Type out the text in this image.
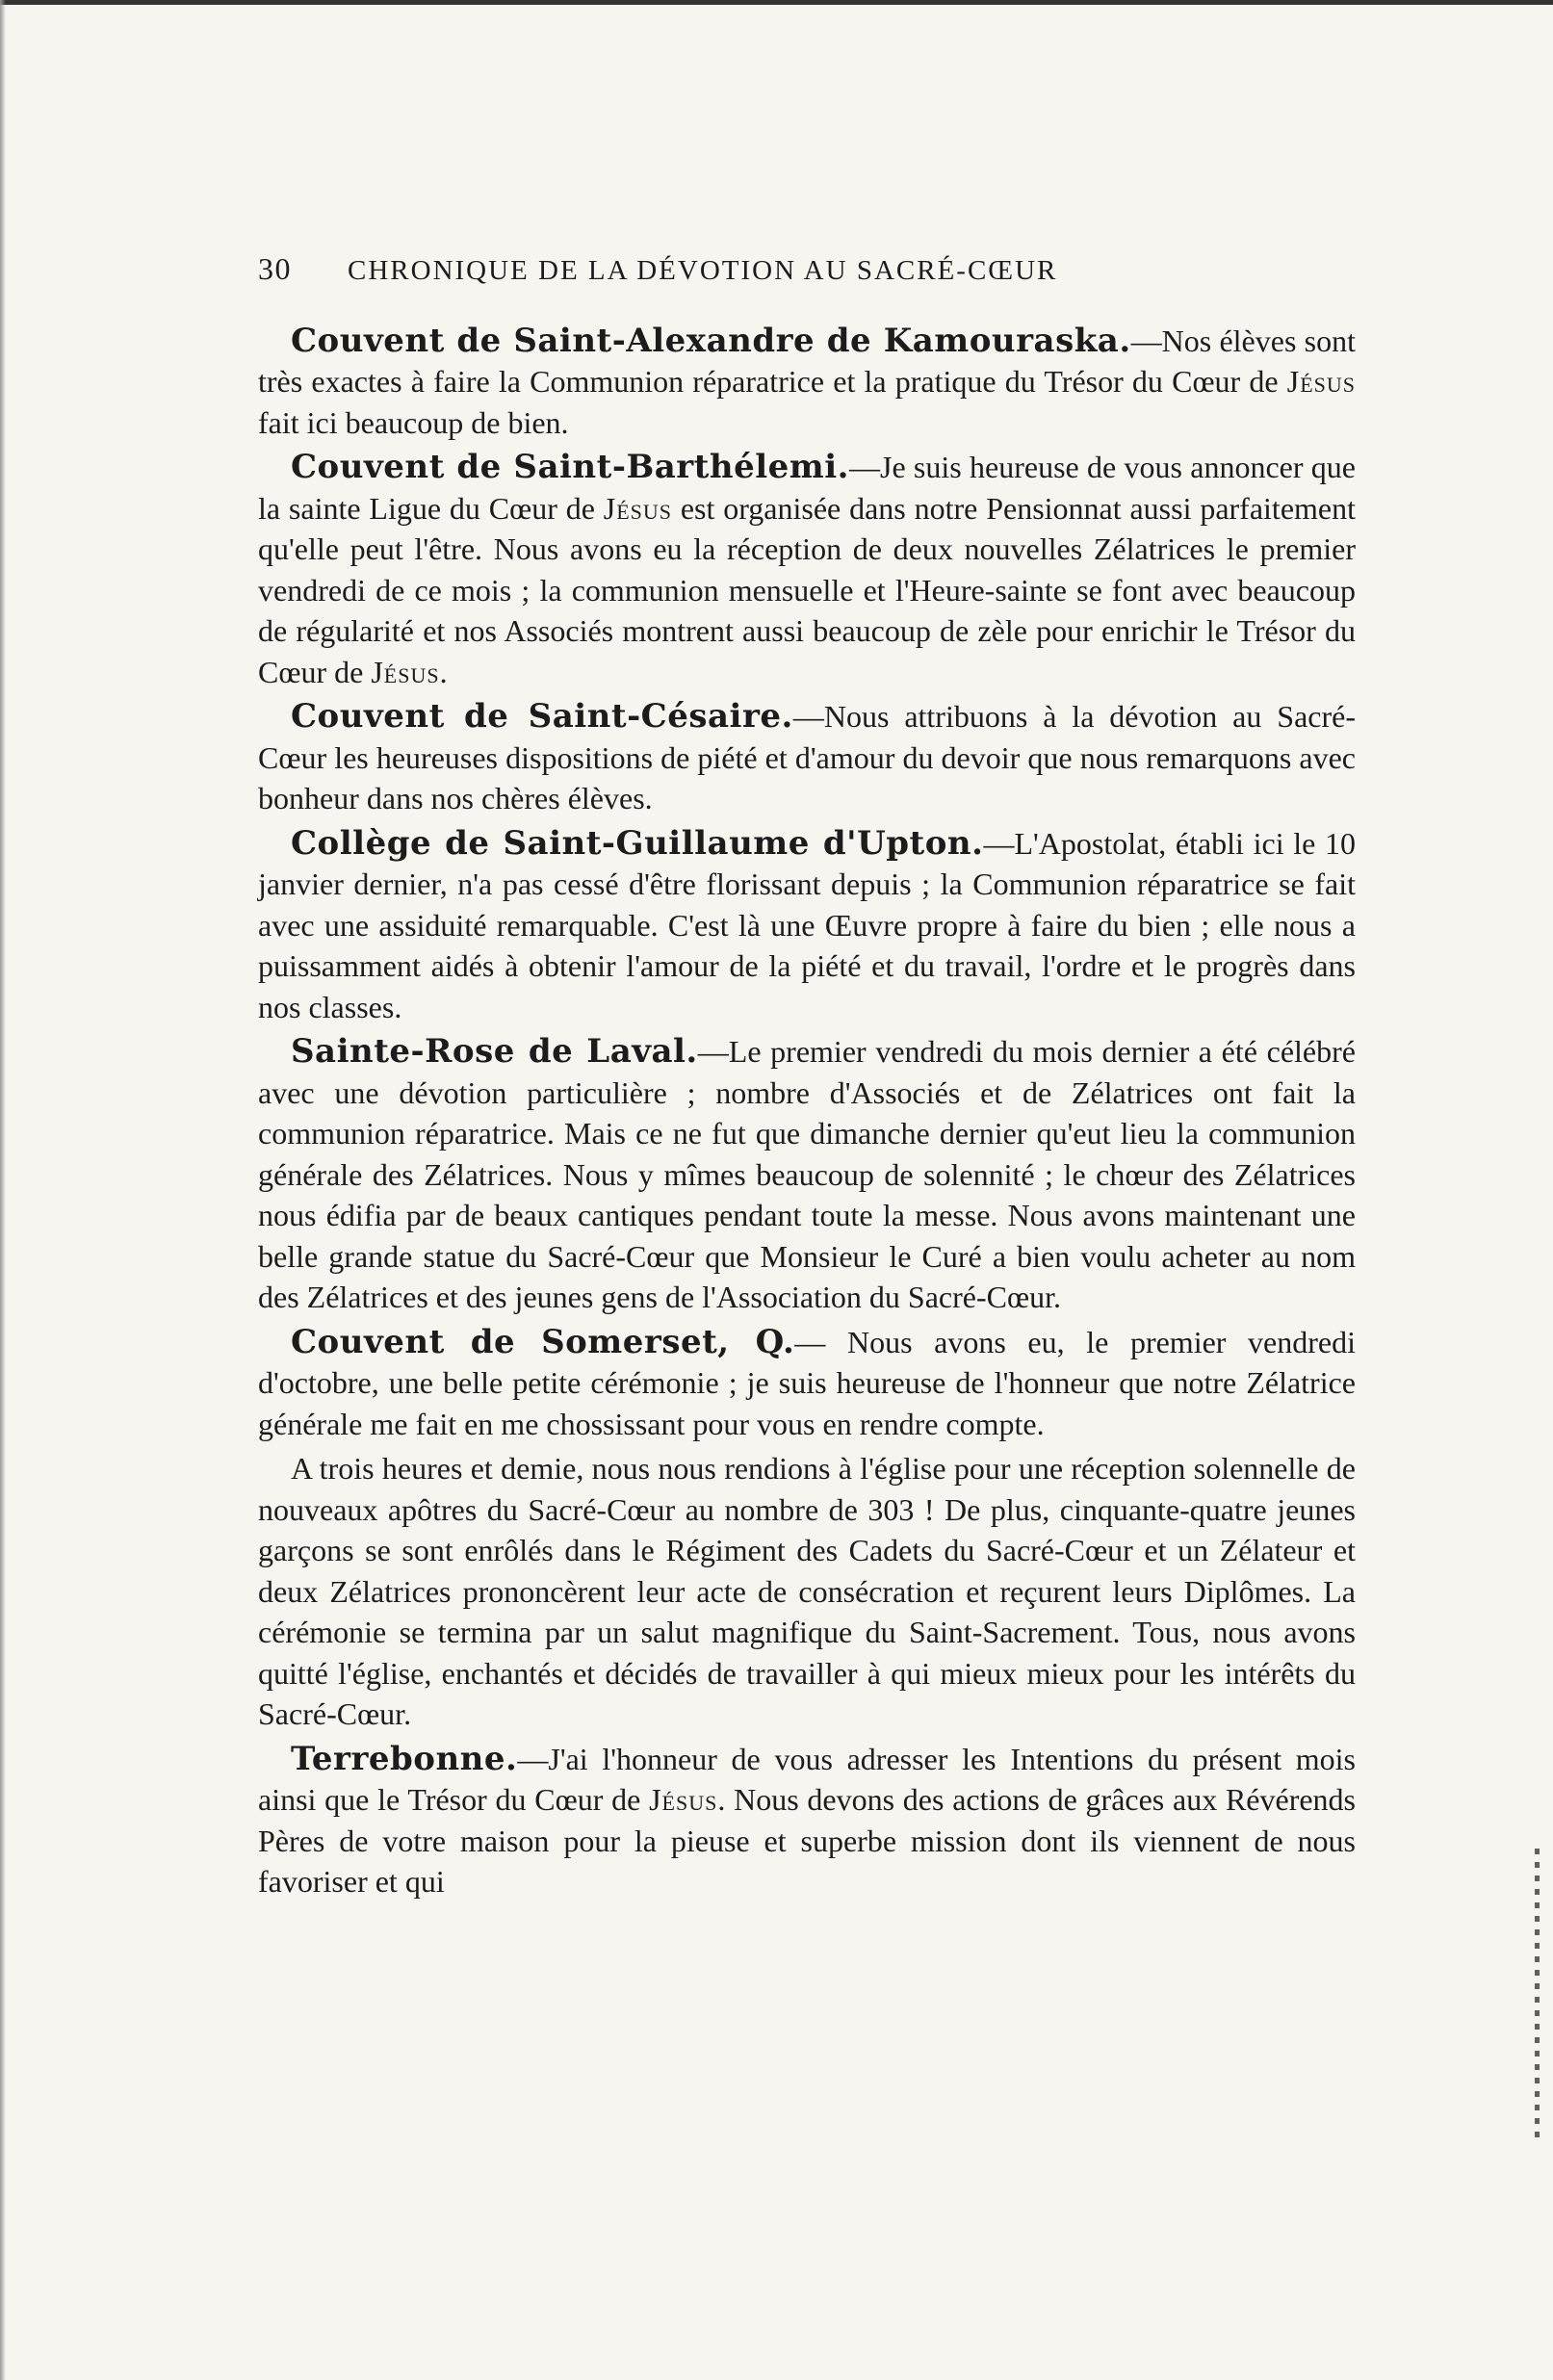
30 CHRONIQUE DE LA DÉVOTION AU SACRÉ-CŒUR

Couvent de Saint-Alexandre de Kamouraska.—Nos élèves sont très exactes à faire la Communion réparatrice et la pratique du Trésor du Cœur de Jésus fait ici beaucoup de bien.

Couvent de Saint-Barthélemi.—Je suis heureuse de vous annoncer que la sainte Ligue du Cœur de Jésus est organisée dans notre Pensionnat aussi parfaitement qu'elle peut l'être. Nous avons eu la réception de deux nouvelles Zélatrices le premier vendredi de ce mois ; la communion mensuelle et l'Heure-sainte se font avec beaucoup de régularité et nos Associés montrent aussi beaucoup de zèle pour enrichir le Trésor du Cœur de Jésus.

Couvent de Saint-Césaire.—Nous attribuons à la dévotion au Sacré-Cœur les heureuses dispositions de piété et d'amour du devoir que nous remarquons avec bonheur dans nos chères élèves.

Collège de Saint-Guillaume d'Upton.—L'Apostolat, établi ici le 10 janvier dernier, n'a pas cessé d'être florissant depuis ; la Communion réparatrice se fait avec une assiduité remarquable. C'est là une Œuvre propre à faire du bien ; elle nous a puissamment aidés à obtenir l'amour de la piété et du travail, l'ordre et le progrès dans nos classes.

Sainte-Rose de Laval.—Le premier vendredi du mois dernier a été célébré avec une dévotion particulière ; nombre d'Associés et de Zélatrices ont fait la communion réparatrice. Mais ce ne fut que dimanche dernier qu'eut lieu la communion générale des Zélatrices. Nous y mîmes beaucoup de solennité ; le chœur des Zélatrices nous édifia par de beaux cantiques pendant toute la messe. Nous avons maintenant une belle grande statue du Sacré-Cœur que Monsieur le Curé a bien voulu acheter au nom des Zélatrices et des jeunes gens de l'Association du Sacré-Cœur.

Couvent de Somerset, Q.— Nous avons eu, le premier vendredi d'octobre, une belle petite cérémonie ; je suis heureuse de l'honneur que notre Zélatrice générale me fait en me chossissant pour vous en rendre compte.

A trois heures et demie, nous nous rendions à l'église pour une réception solennelle de nouveaux apôtres du Sacré-Cœur au nombre de 303 ! De plus, cinquante-quatre jeunes garçons se sont enrôlés dans le Régiment des Cadets du Sacré-Cœur et un Zélateur et deux Zélatrices prononcèrent leur acte de consécration et reçurent leurs Diplômes. La cérémonie se termina par un salut magnifique du Saint-Sacrement. Tous, nous avons quitté l'église, enchantés et décidés de travailler à qui mieux mieux pour les intérêts du Sacré-Cœur.

Terrebonne.—J'ai l'honneur de vous adresser les Intentions du présent mois ainsi que le Trésor du Cœur de Jésus. Nous devons des actions de grâces aux Révérends Pères de votre maison pour la pieuse et superbe mission dont ils viennent de nous favoriser et qui
